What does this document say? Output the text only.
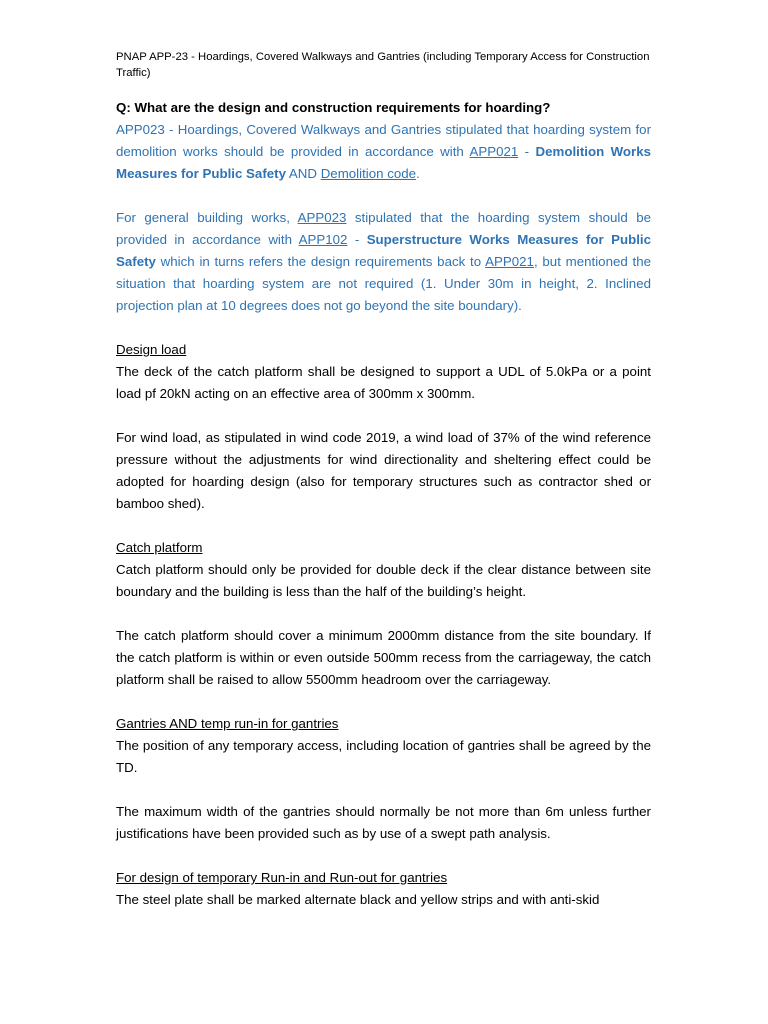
PNAP APP-23 - Hoardings, Covered Walkways and Gantries (including Temporary Access for Construction Traffic)

Q: What are the design and construction requirements for hoarding?

APP023 - Hoardings, Covered Walkways and Gantries stipulated that hoarding system for demolition works should be provided in accordance with APP021 - Demolition Works Measures for Public Safety AND Demolition code.

For general building works, APP023 stipulated that the hoarding system should be provided in accordance with APP102 - Superstructure Works Measures for Public Safety which in turns refers the design requirements back to APP021, but mentioned the situation that hoarding system are not required (1. Under 30m in height, 2. Inclined projection plan at 10 degrees does not go beyond the site boundary).

Design load

The deck of the catch platform shall be designed to support a UDL of 5.0kPa or a point load pf 20kN acting on an effective area of 300mm x 300mm.

For wind load, as stipulated in wind code 2019, a wind load of 37% of the wind reference pressure without the adjustments for wind directionality and sheltering effect could be adopted for hoarding design (also for temporary structures such as contractor shed or bamboo shed).

Catch platform

Catch platform should only be provided for double deck if the clear distance between site boundary and the building is less than the half of the building’s height.

The catch platform should cover a minimum 2000mm distance from the site boundary. If the catch platform is within or even outside 500mm recess from the carriageway, the catch platform shall be raised to allow 5500mm headroom over the carriageway.

Gantries AND temp run-in for gantries

The position of any temporary access, including location of gantries shall be agreed by the TD.

The maximum width of the gantries should normally be not more than 6m unless further justifications have been provided such as by use of a swept path analysis.

For design of temporary Run-in and Run-out for gantries

The steel plate shall be marked alternate black and yellow strips and with anti-skid
